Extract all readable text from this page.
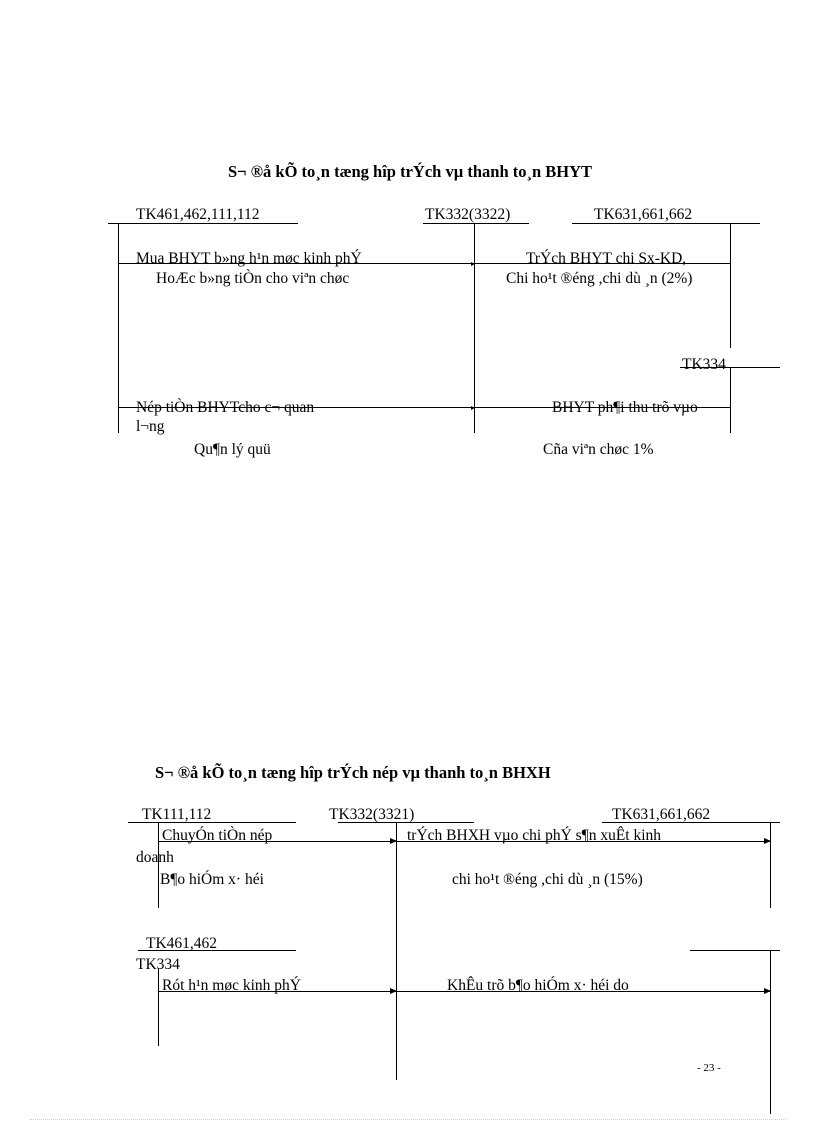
S¬ ®å kÕ to¸n tæng hîp trÝch vµ thanh to¸n BHYT
TK461,462,111,112	TK332(3322)	TK631,661,662
Mua BHYT b»ng h¹n møc kinh phÝ	TrÝch BHYT chi Sx-KD,
HoÆc b»ng tiÒn cho viªn chøc	Chi ho¹t ®éng ,chi dù ¸n (2%)
TK334
Nép tiÒn BHYTcho c¬ quan	BHYT ph¶i thu trõ vµo
l¬ng
Qu¶n lý quü	Cña viªn chøc 1%
S¬ ®å kÕ to¸n tæng hîp trÝch nép vµ thanh to¸n BHXH
TK111,112	TK332(3321)	TK631,661,662
ChuyÓn tiÒn nép	trÝch BHXH vµo chi phÝ s¶n xuÊt kinh
doanh
B¶o hiÓm x· héi	chi ho¹t ®éng ,chi dù ¸n (15%)
TK461,462
TK334
Rót h¹n møc kinh phÝ	KhÊu trõ b¶o hiÓm x· héi do
- 23 -
